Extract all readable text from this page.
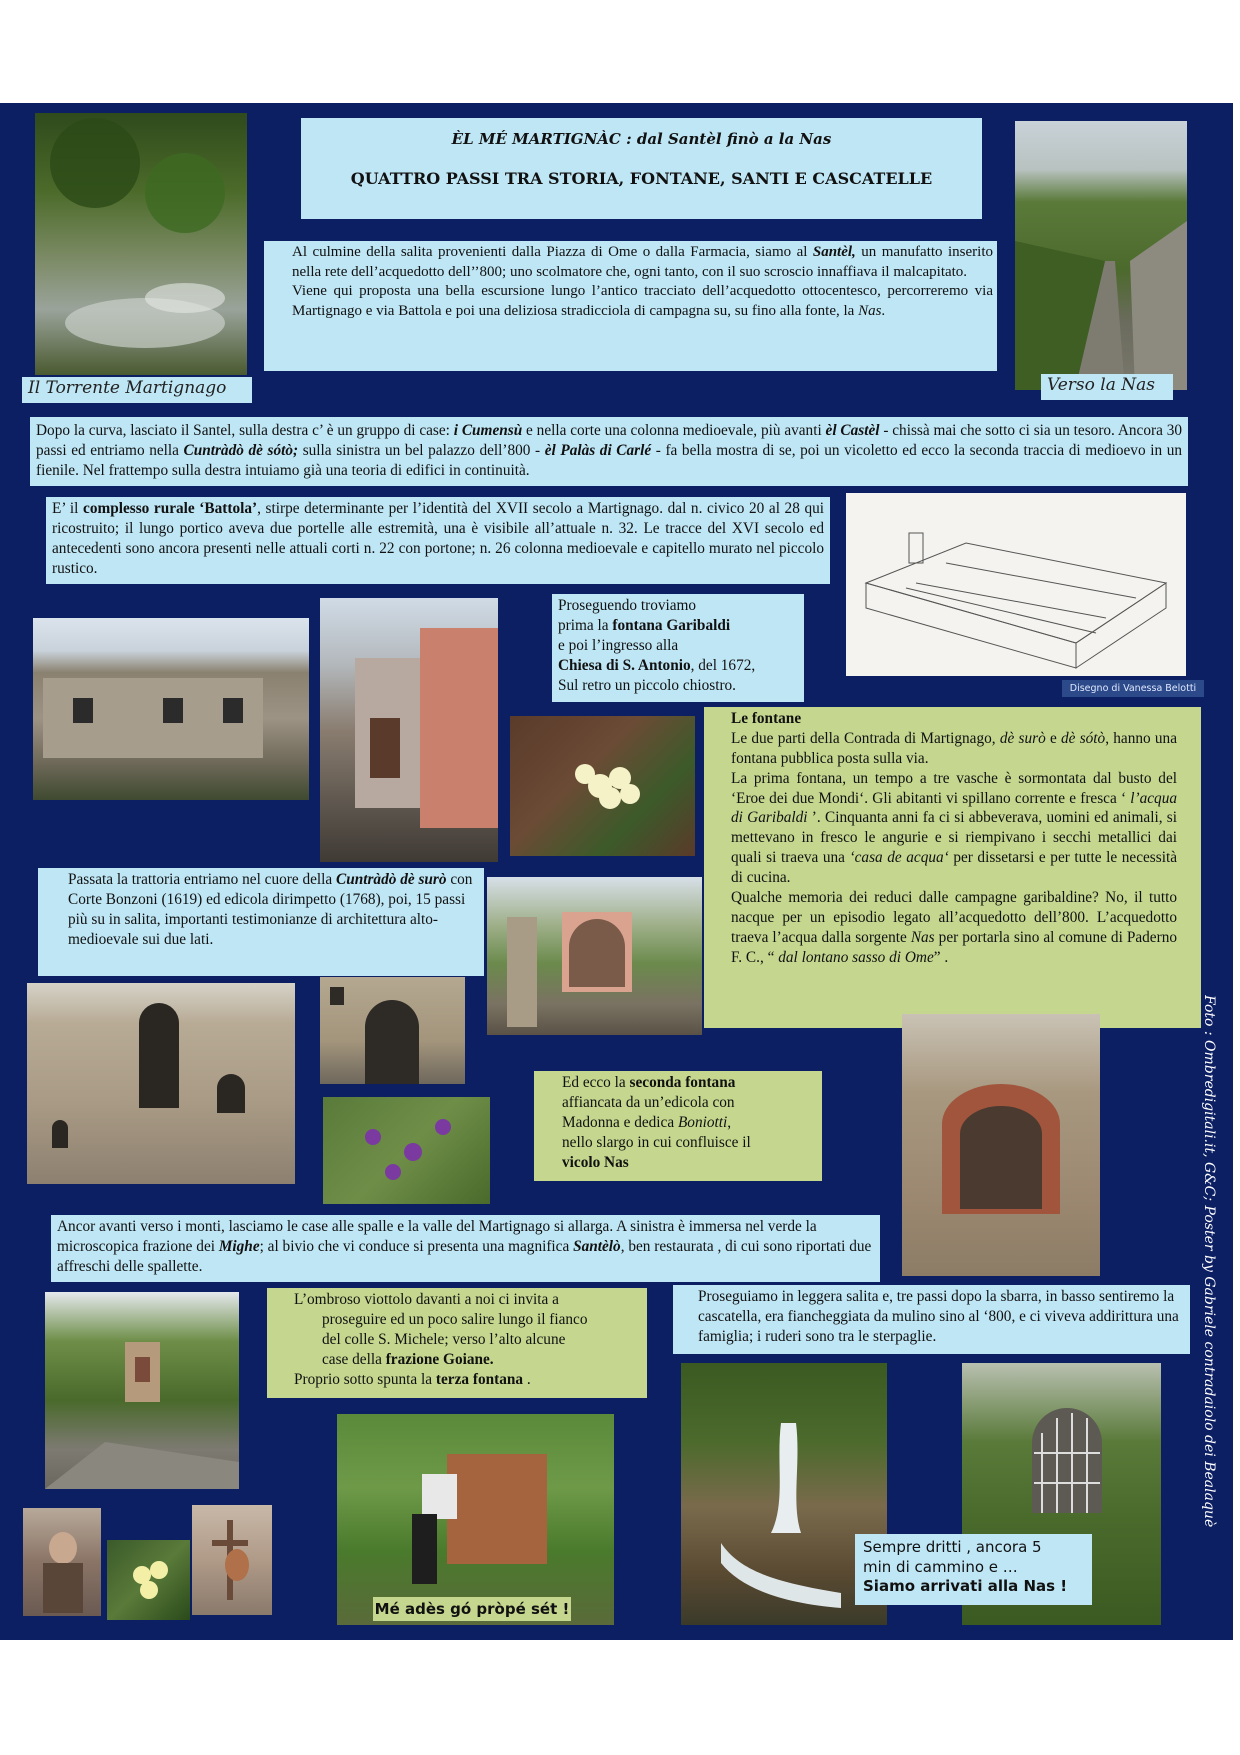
Il Torrente Martignago
ÈL MÉ MARTIGNÀC : dal Santèl finò a la Nas
QUATTRO PASSI TRA STORIA, FONTANE, SANTI E CASCATELLE
Verso la Nas

Al culmine della salita provenienti dalla Piazza di Ome o dalla Farmacia, siamo al Santèl, un manufatto inserito nella rete dell’acquedotto dell’’800; uno scolmatore che, ogni tanto, con il suo scroscio innaffiava il malcapitato.

Viene qui proposta una bella escursione lungo l’antico tracciato dell’acquedotto ottocentesco, percorreremo via Martignago e via Battola e poi una deliziosa stradicciola di campagna su, su fino alla fonte, la Nas.

Dopo la curva, lasciato il Santel, sulla destra c’ è un gruppo di case: i Cumensù e nella corte una colonna medioevale, più avanti èl Castèl - chissà mai che sotto ci sia un tesoro. Ancora 30 passi ed entriamo nella Cuntràdò dè sótò; sulla sinistra un bel palazzo dell’800 - èl Palàs di Carlé - fa bella mostra di se, poi un vicoletto ed ecco la seconda traccia di medioevo in un fienile. Nel frattempo sulla destra intuiamo già una teoria di edifici in continuità.
E’ il complesso rurale ‘Battola’, stirpe determinante per l’identità del XVII secolo a Martignago. dal n. civico 20 al 28 qui ricostruito; il lungo portico aveva due portelle alle estremità, una è visibile all’attuale n. 32. Le tracce del XVI secolo ed antecedenti sono ancora presenti nelle attuali corti n. 22 con portone; n. 26 colonna medioevale e capitello murato nel piccolo rustico.
Disegno di Vanessa Belotti
Proseguendo troviamo
prima la fontana Garibaldi
e poi l’ingresso alla
Chiesa di S. Antonio, del 1672,
Sul retro un piccolo chiostro.
Le fontane

Le due parti della Contrada di Martignago, dè surò e dè sótò, hanno una fontana pubblica posta sulla via.

La prima fontana, un tempo a tre vasche è sormontata dal busto del ‘Eroe dei due Mondi‘. Gli abitanti vi spillano corrente e fresca ‘ l’acqua di Garibaldi ’. Cinquanta anni fa ci si abbeverava, uomini ed animali, si mettevano in fresco le angurie e si riempivano i secchi metallici dai quali si traeva una ‘casa de acqua‘ per dissetarsi e per tutte le necessità di cucina.

Qualche memoria dei reduci dalle campagne garibaldine? No, il tutto nacque per un episodio legato all’acquedotto dell’800. L’acquedotto traeva l’acqua dalla sorgente Nas per portarla sino al comune di Paderno F. C., “ dal lontano sasso di Ome” .

Passata la trattoria entriamo nel cuore della Cuntràdò dè surò con Corte Bonzoni (1619) ed edicola dirimpetto (1768), poi, 15 passi più su in salita, importanti testimonianze di architettura alto-medioevale sui due lati.
Ed ecco la seconda fontana
affiancata da un’edicola con
Madonna e dedica Boniotti,
nello slargo in cui confluisce il
vicolo Nas	Foto : Ombredigitali.it, G&C; Poster by Gabriele contradaiolo dei Bealaquè
Ancor avanti verso i monti, lasciamo le case alle spalle e la valle del Martignago si allarga. A sinistra è immersa nel verde la microscopica frazione dei Mighe; al bivio che vi conduce si presenta una magnifica Santèlò, ben restaurata , di cui sono riportati due affreschi delle spallette.
L’ombroso viottolo davanti a noi ci invita a
proseguire ed un poco salire lungo il fianco
del colle S. Michele; verso l’alto alcune
case della frazione Goiane.
Proprio sotto spunta la terza fontana .
Proseguiamo in leggera salita e, tre passi dopo la sbarra, in basso sentiremo la cascatella, era fiancheggiata da mulino sino al ‘800, e ci viveva addirittura una famiglia; i ruderi sono tra le sterpaglie.
Mé adès gó pròpé sét !
Sempre dritti , ancora 5
min di cammino e …
Siamo arrivati alla Nas !
